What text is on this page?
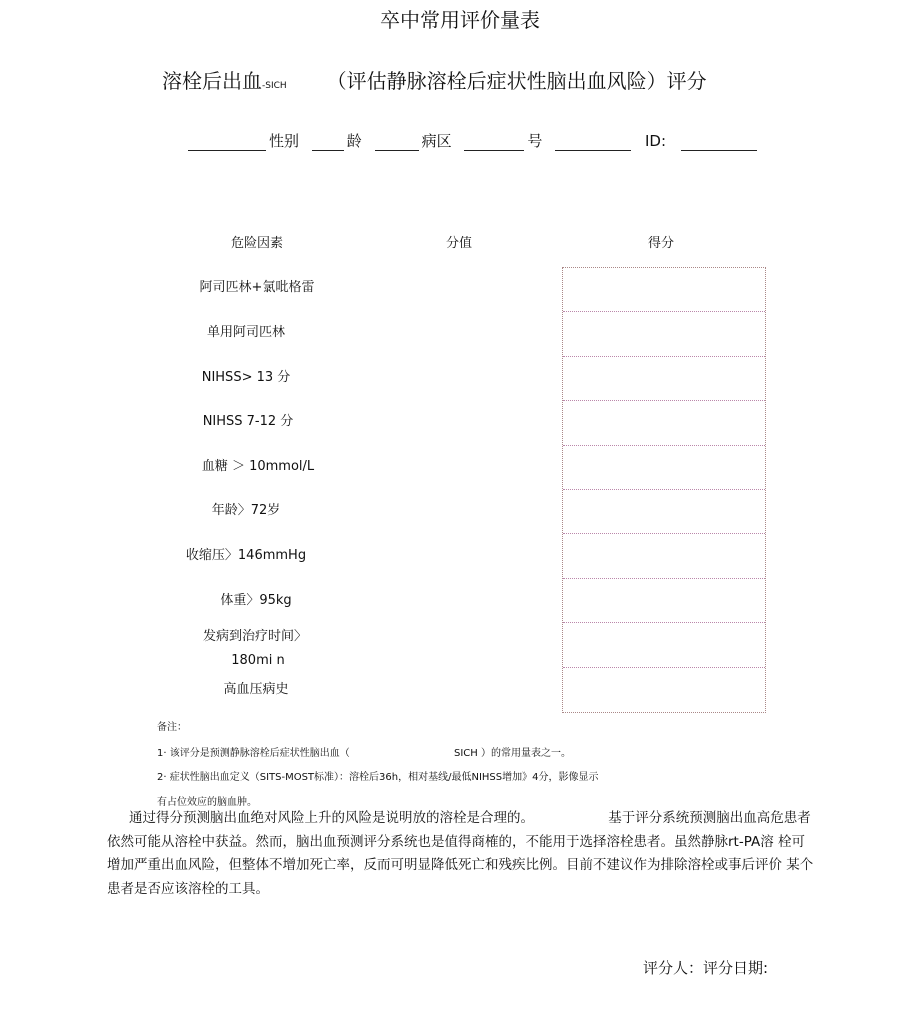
卒中常用评价量表
溶栓后出血-SICH （评估静脉溶栓后症状性脑出血风险）评分
性别	龄	病区	号	ID:
危险因素	分值	得分
阿司匹林+氯吡格雷
单用阿司匹林
NIHSS> 13 分
NIHSS 7-12 分
血糖 ＞ 10mmol/L
年龄〉72岁
收缩压〉146mmHg
体重〉95kg
发病到治疗时间〉
180mi n
高血压病史
备注：
1· 该评分是预测静脉溶栓后症状性脑出血（	SICH ）的常用量表之一。
2· 症状性脑出血定义（SITS-MOST标准）：溶栓后36h，相对基线/最低NIHSS增加》4分，影像显示
有占位效应的脑血肿。
通过得分预测脑出血绝对风险上升的风险是说明放的溶栓是合理的。　　　　　　基于评分系统预测脑出血高危患者依然可能从溶栓中获益。然而，脑出血预测评分系统也是值得商榷的，不能用于选择溶栓患者。虽然静脉rt-PA溶 栓可增加严重出血风险，但整体不增加死亡率，反而可明显降低死亡和残疾比例。目前不建议作为排除溶栓或事后评价 某个患者是否应该溶栓的工具。
评分人：评分日期:
